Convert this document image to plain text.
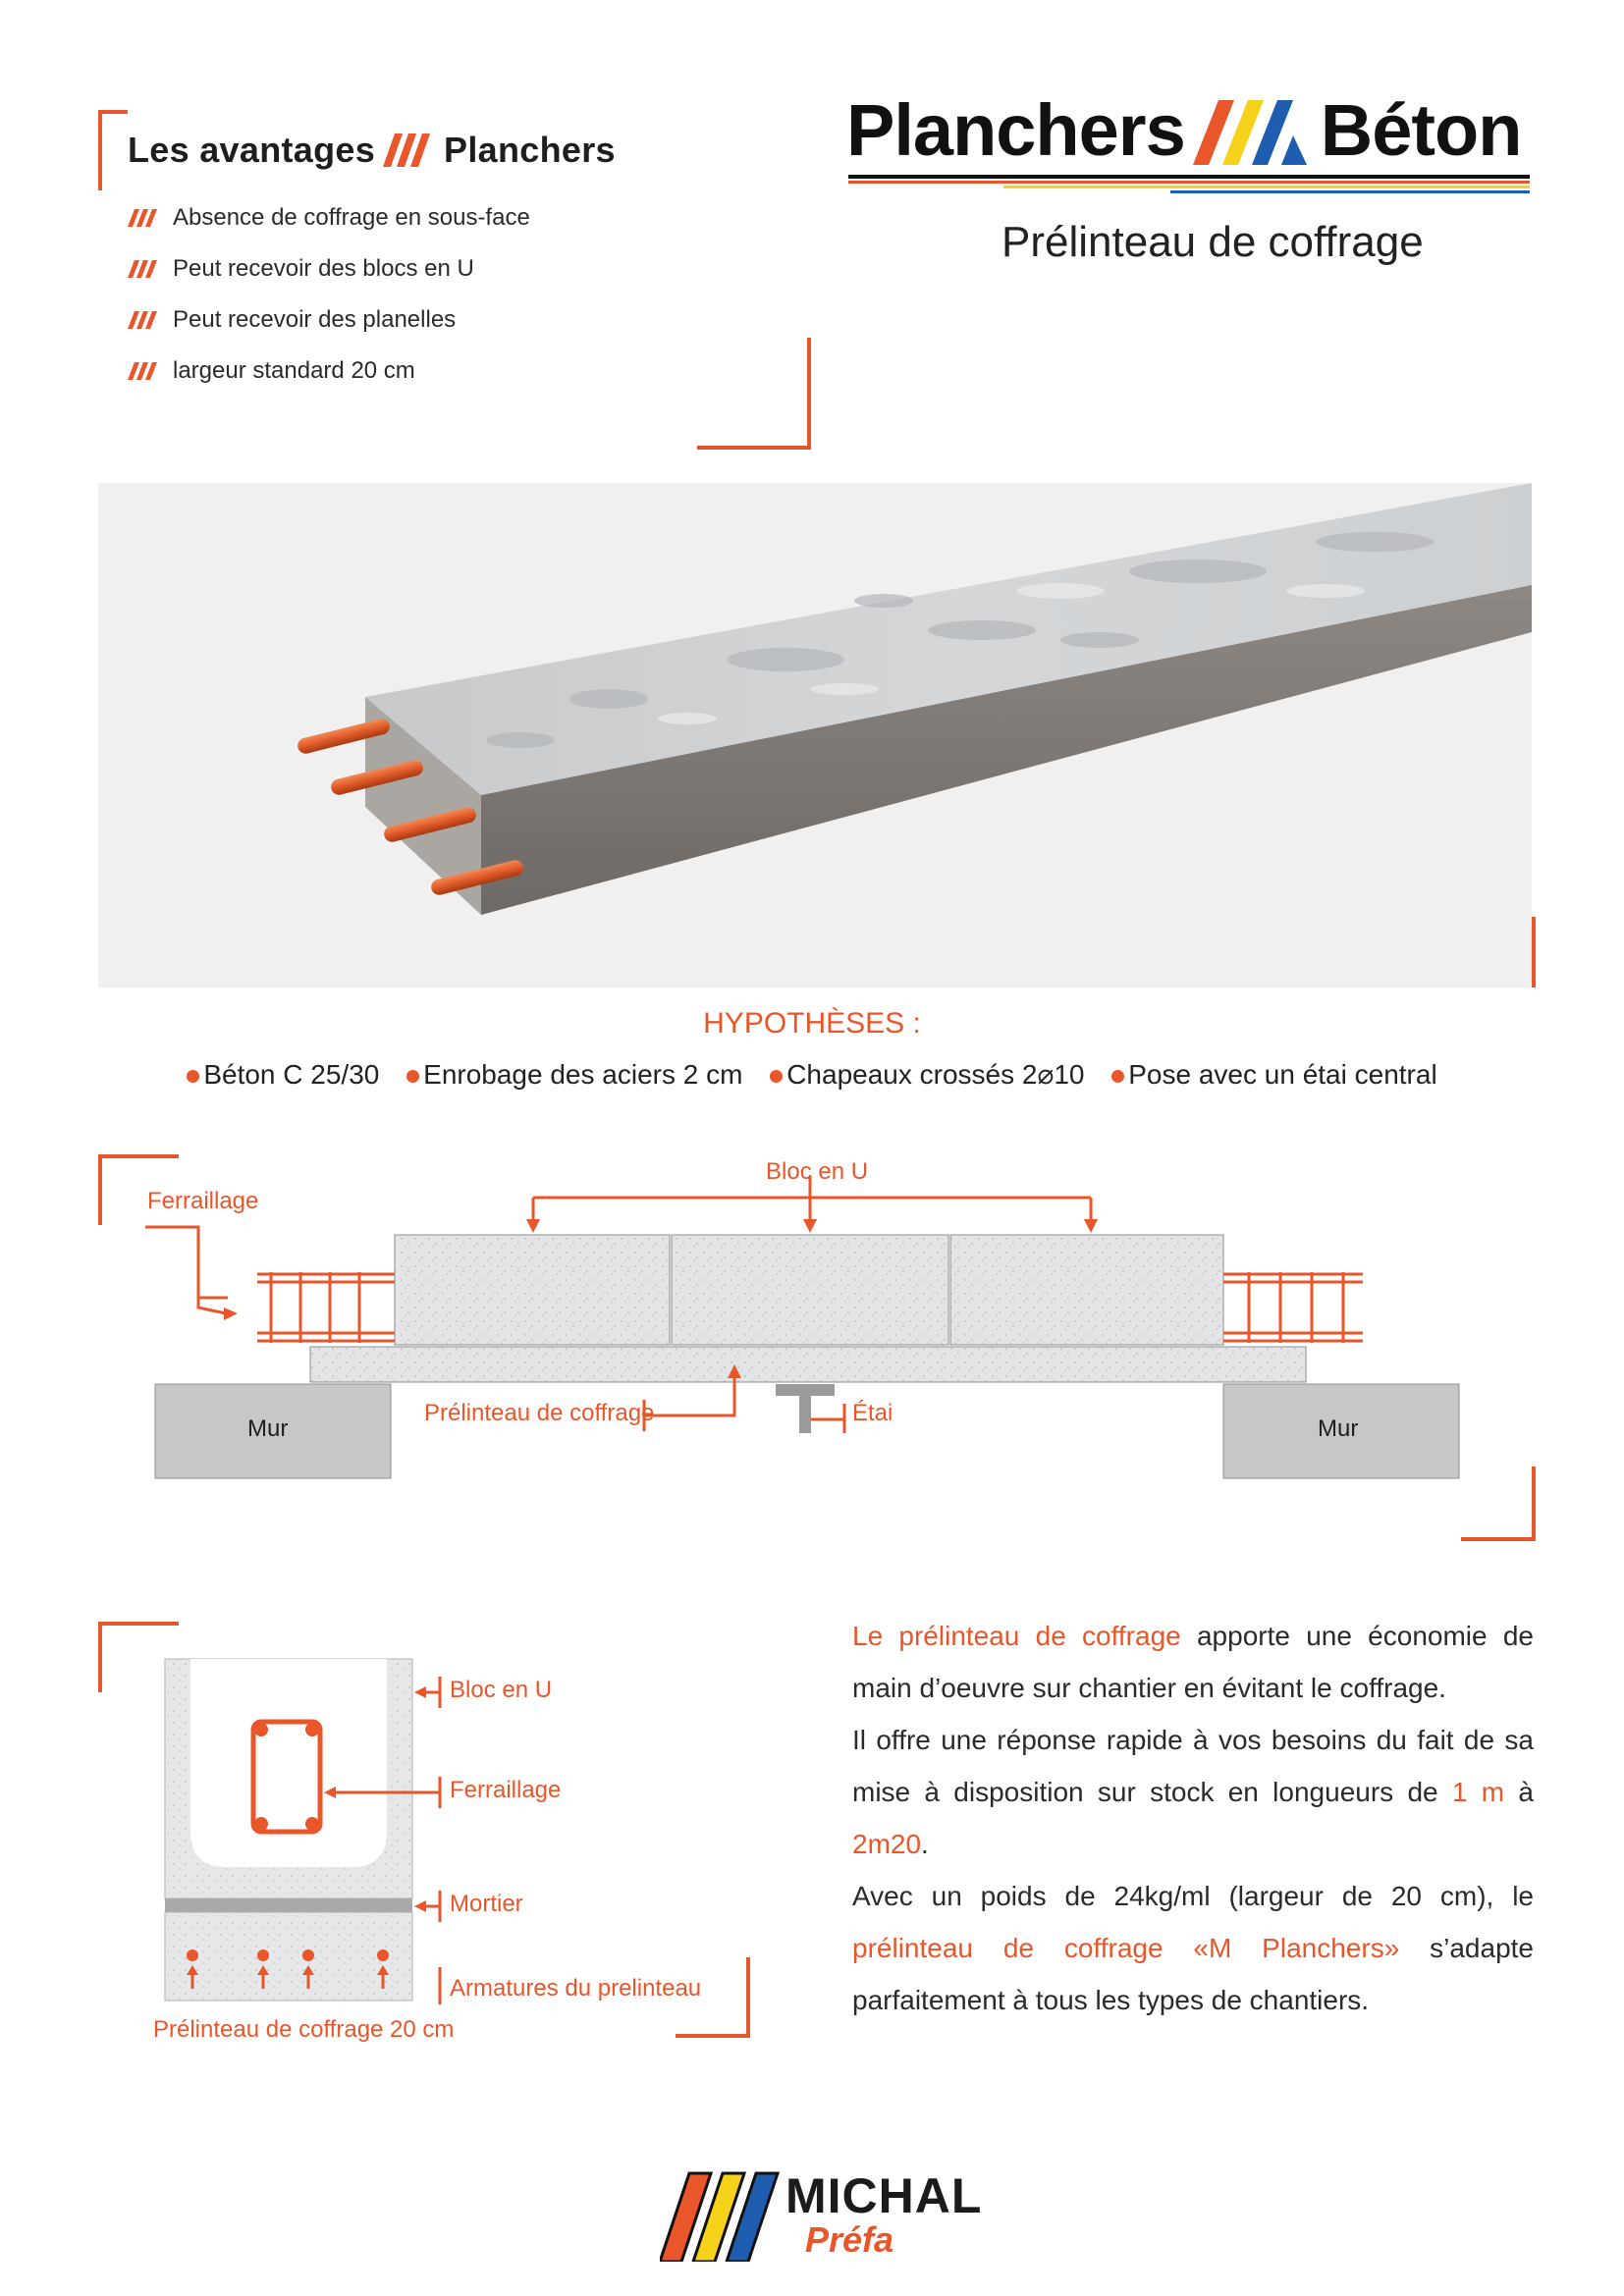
Les avantages Planchers
Absence de coffrage en sous-face
Peut recevoir des blocs en U
Peut recevoir des planelles
largeur standard 20 cm
Planchers Béton
Prélinteau de coffrage
HYPOTHÈSES :
Béton C 25/30 Enrobage des aciers 2 cm Chapeaux crossés 2⌀10 Pose avec un étai central
Ferraillage
Bloc en U
Prélinteau de coffrage	Étai
Mur	Mur
Bloc en U
Ferraillage
Mortier
Armatures du prelinteau
Prélinteau de coffrage 20 cm
Le prélinteau de coffrage apporte une économie de main d’oeuvre sur chantier en évitant le coffrage.
Il offre une réponse rapide à vos besoins du fait de sa mise à disposition sur stock en longueurs de 1 m à 2m20.
Avec un poids de 24kg/ml (largeur de 20 cm), le prélinteau de coffrage «M Planchers» s’adapte parfaitement à tous les types de chantiers.
MICHAL
Préfa
